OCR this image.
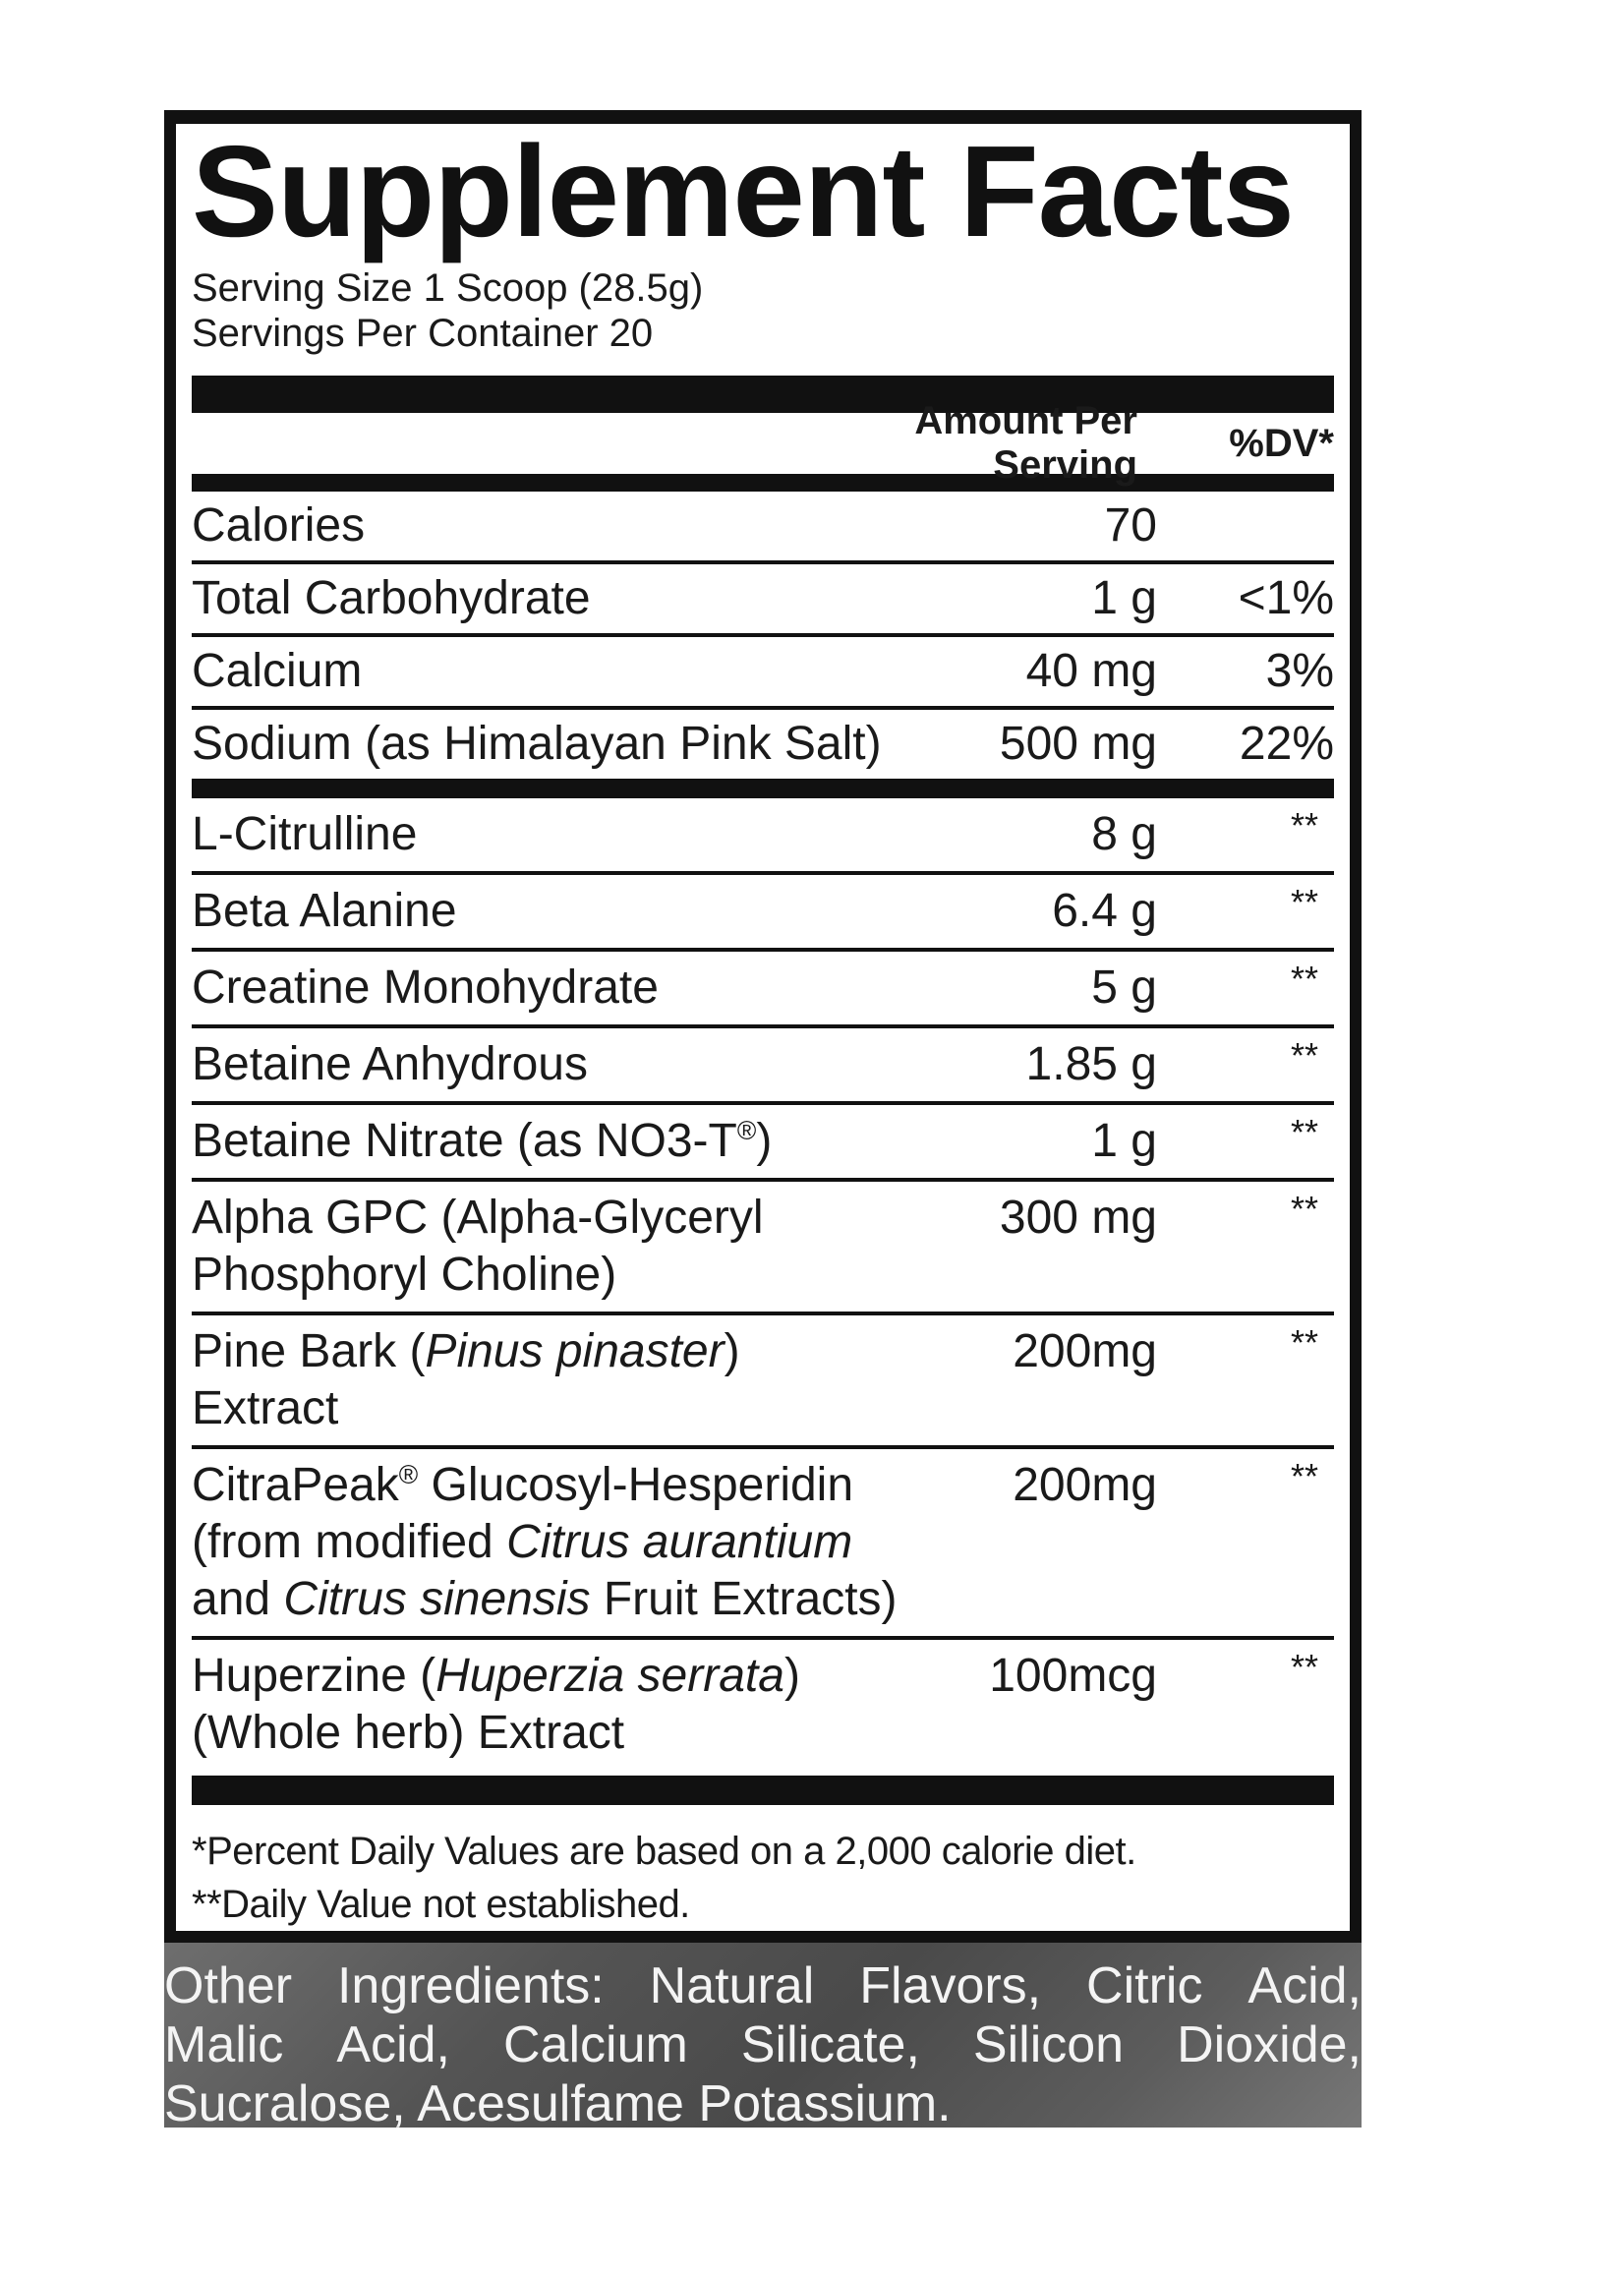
Supplement Facts
Serving Size 1 Scoop (28.5g)
Servings Per Container 20
Amount Per Serving
%DV*
Calories	70
Total Carbohydrate	1 g	<1%
Calcium	40 mg	3%
Sodium (as Himalayan Pink Salt)	500 mg	22%
L-Citrulline	8 g	**
Beta Alanine	6.4 g	**
Creatine Monohydrate	5 g	**
Betaine Anhydrous	1.85 g	**
Betaine Nitrate (as NO3-T®)	1 g	**
Alpha GPC (Alpha-Glyceryl
Phosphoryl Choline)
300 mg	**
Pine Bark (Pinus pinaster)
Extract
200mg	**
CitraPeak® Glucosyl-Hesperidin
(from modified Citrus aurantium
and Citrus sinensis Fruit Extracts)
200mg	**
Huperzine (Huperzia serrata)
(Whole herb) Extract
100mcg	**
*Percent Daily Values are based on a 2,000 calorie diet.
**Daily Value not established.
Other Ingredients: Natural Flavors, Citric Acid,
Malic Acid, Calcium Silicate, Silicon Dioxide,
Sucralose, Acesulfame Potassium.
